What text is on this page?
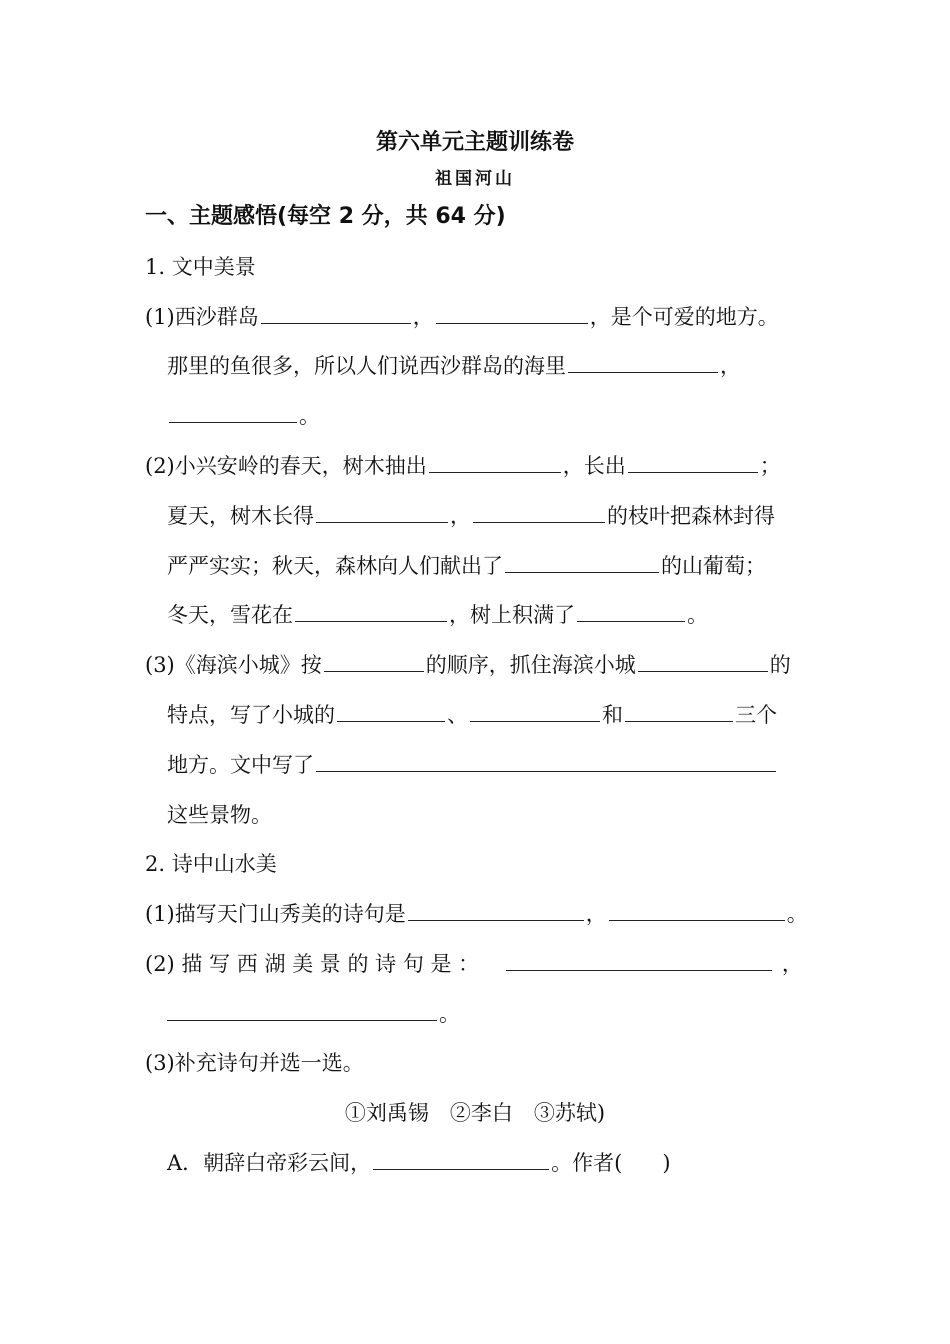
第六单元主题训练卷
祖国河山
一、主题感悟(每空 2 分，共 64 分)
1. 文中美景
(1)西沙群岛	，	，是个可爱的地方。
那里的鱼很多，所以人们说西沙群岛的海里	，
。
(2)小兴安岭的春天，树木抽出	，长出	；
夏天，树木长得	，	的枝叶把森林封得
严严实实；秋天，森林向人们献出了	的山葡萄；
冬天，雪花在	，树上积满了	。
(3)《海滨小城》按	的顺序，抓住海滨小城	的
特点，写了小城的	、	和	三个
地方。文中写了
这些景物。
2. 诗中山水美
(1)描写天门山秀美的诗句是	，	。
(2) 描 写 西 湖 美 景 的 诗 句 是 ：	，
。
(3)补充诗句并选一选。
①刘禹锡　②李白　③苏轼)
A．朝辞白帝彩云间，	。作者( )
